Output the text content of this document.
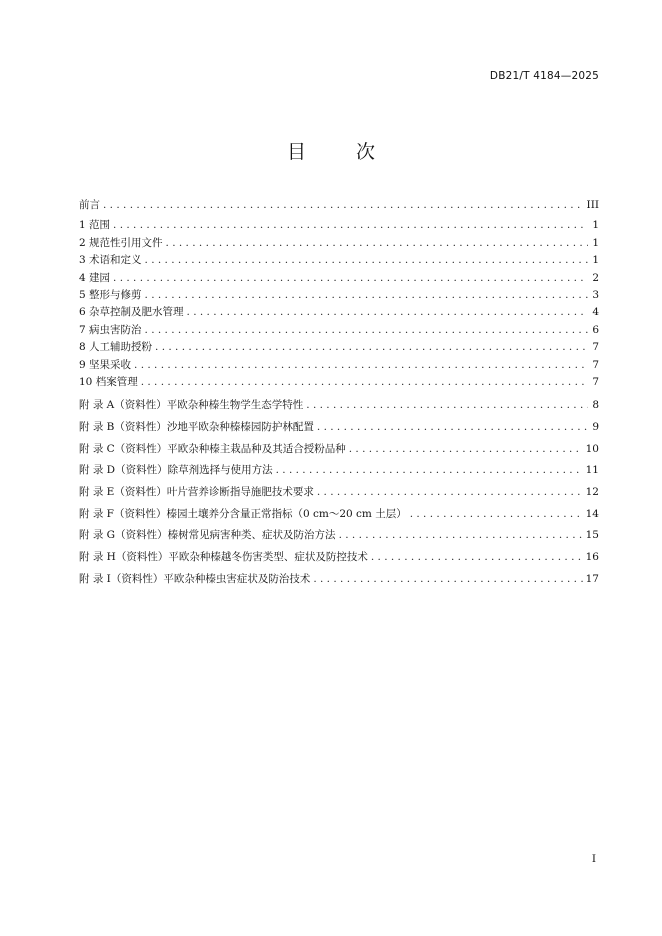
DB21/T 4184—2025
目 次
前言 . . .	III
1 范围 . . .	1
2 规范性引用文件 . . .	1
3 术语和定义 . . .	1
4 建园 . . .	2
5 整形与修剪 . . .	3
6 杂草控制及肥水管理 . . .	4
7 病虫害防治 . . .	6
8 人工辅助授粉 . . .	7
9 坚果采收 . . .	7
10 档案管理 . . .	7
附 录 A（资料性）平欧杂种榛生物学生态学特性 . . .	8
附 录 B（资料性）沙地平欧杂种榛榛园防护林配置 . . .	9
附 录 C（资料性）平欧杂种榛主栽品种及其适合授粉品种 . . .	10
附 录 D（资料性）除草剂选择与使用方法 . . .	11
附 录 E（资料性）叶片营养诊断指导施肥技术要求 . . .	12
附 录 F（资料性）榛园土壤养分含量正常指标（0 cm～20 cm 土层） . . .	14
附 录 G（资料性）榛树常见病害种类、症状及防治方法 . . .	15
附 录 H（资料性）平欧杂种榛越冬伤害类型、症状及防控技术 . . .	16
附 录 I（资料性）平欧杂种榛虫害症状及防治技术 . . .	17
I
